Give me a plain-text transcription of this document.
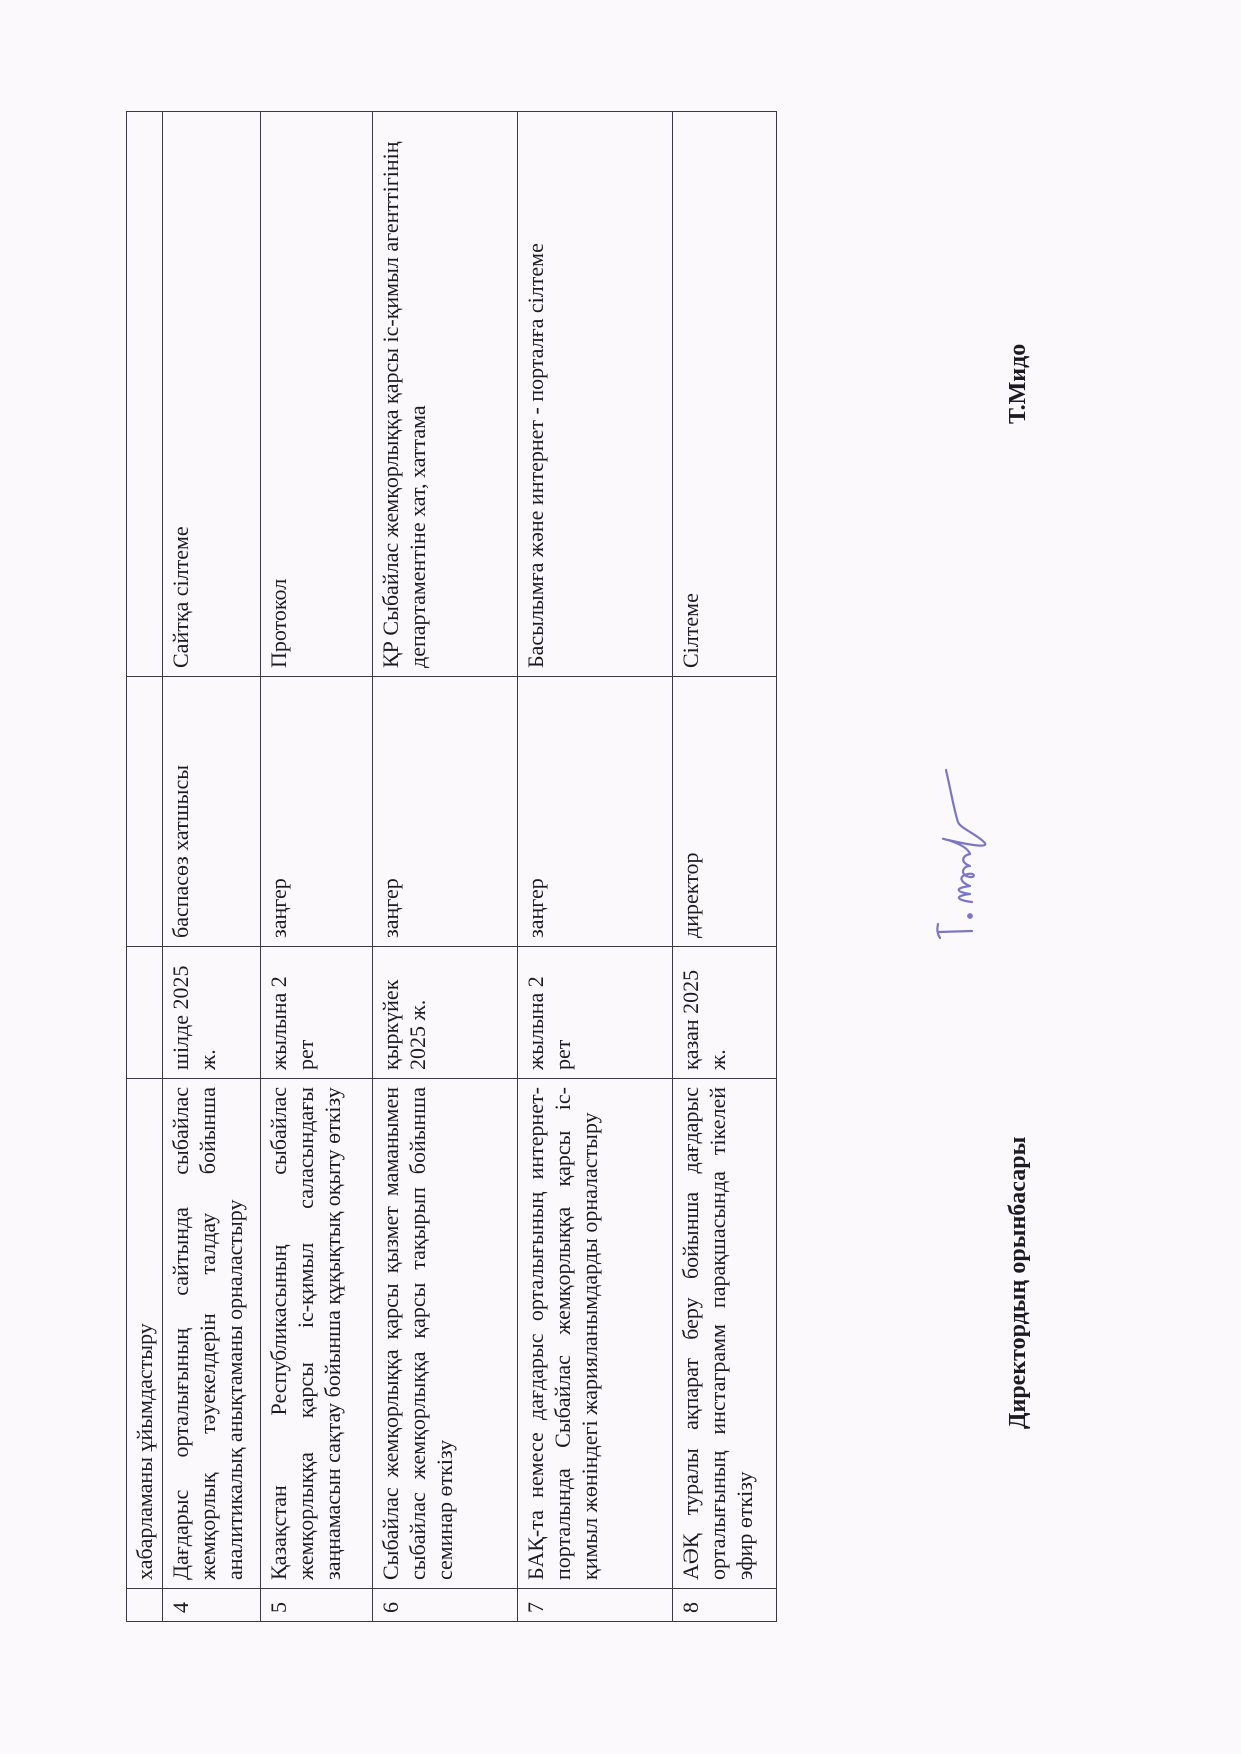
	хабарламаны ұйымдастыру			
4	Дағдарыс орталығының сайтында сыбайлас жемқорлық тәуекелдерін талдау бойынша аналитикалық анықтаманы орналастыру	шілде 2025 ж.	баспасөз хатшысы	Сайтқа сілтеме
5	Қазақстан Республикасының сыбайлас жемқорлыққа қарсы іс-қимыл саласындағы заңнамасын сақтау бойынша құқықтық оқыту өткізу	жылына 2 рет	заңгер	Протокол
6	Сыбайлас жемқорлыққа қарсы қызмет маманымен сыбайлас жемқорлыққа қарсы тақырып бойынша семинар өткізу	қыркүйек 2025 ж.	заңгер	ҚР Сыбайлас жемқорлыққа қарсы іс-қимыл агенттігінің департаментіне хат, хаттама
7	БАҚ-та немесе дағдарыс орталығының интернет-порталында Сыбайлас жемқорлыққа қарсы іс-қимыл жөніндегі жарияланымдарды орналастыру	жылына 2 рет	заңгер	Басылымға және интернет - порталға сілтеме
8	АӘҚ туралы ақпарат беру бойынша дағдарыс орталығының инстаграмм парақшасында тікелей эфир өткізу	қазан 2025 ж.	директор	Сілтеме
Директордың орынбасары
Т.Мидо
